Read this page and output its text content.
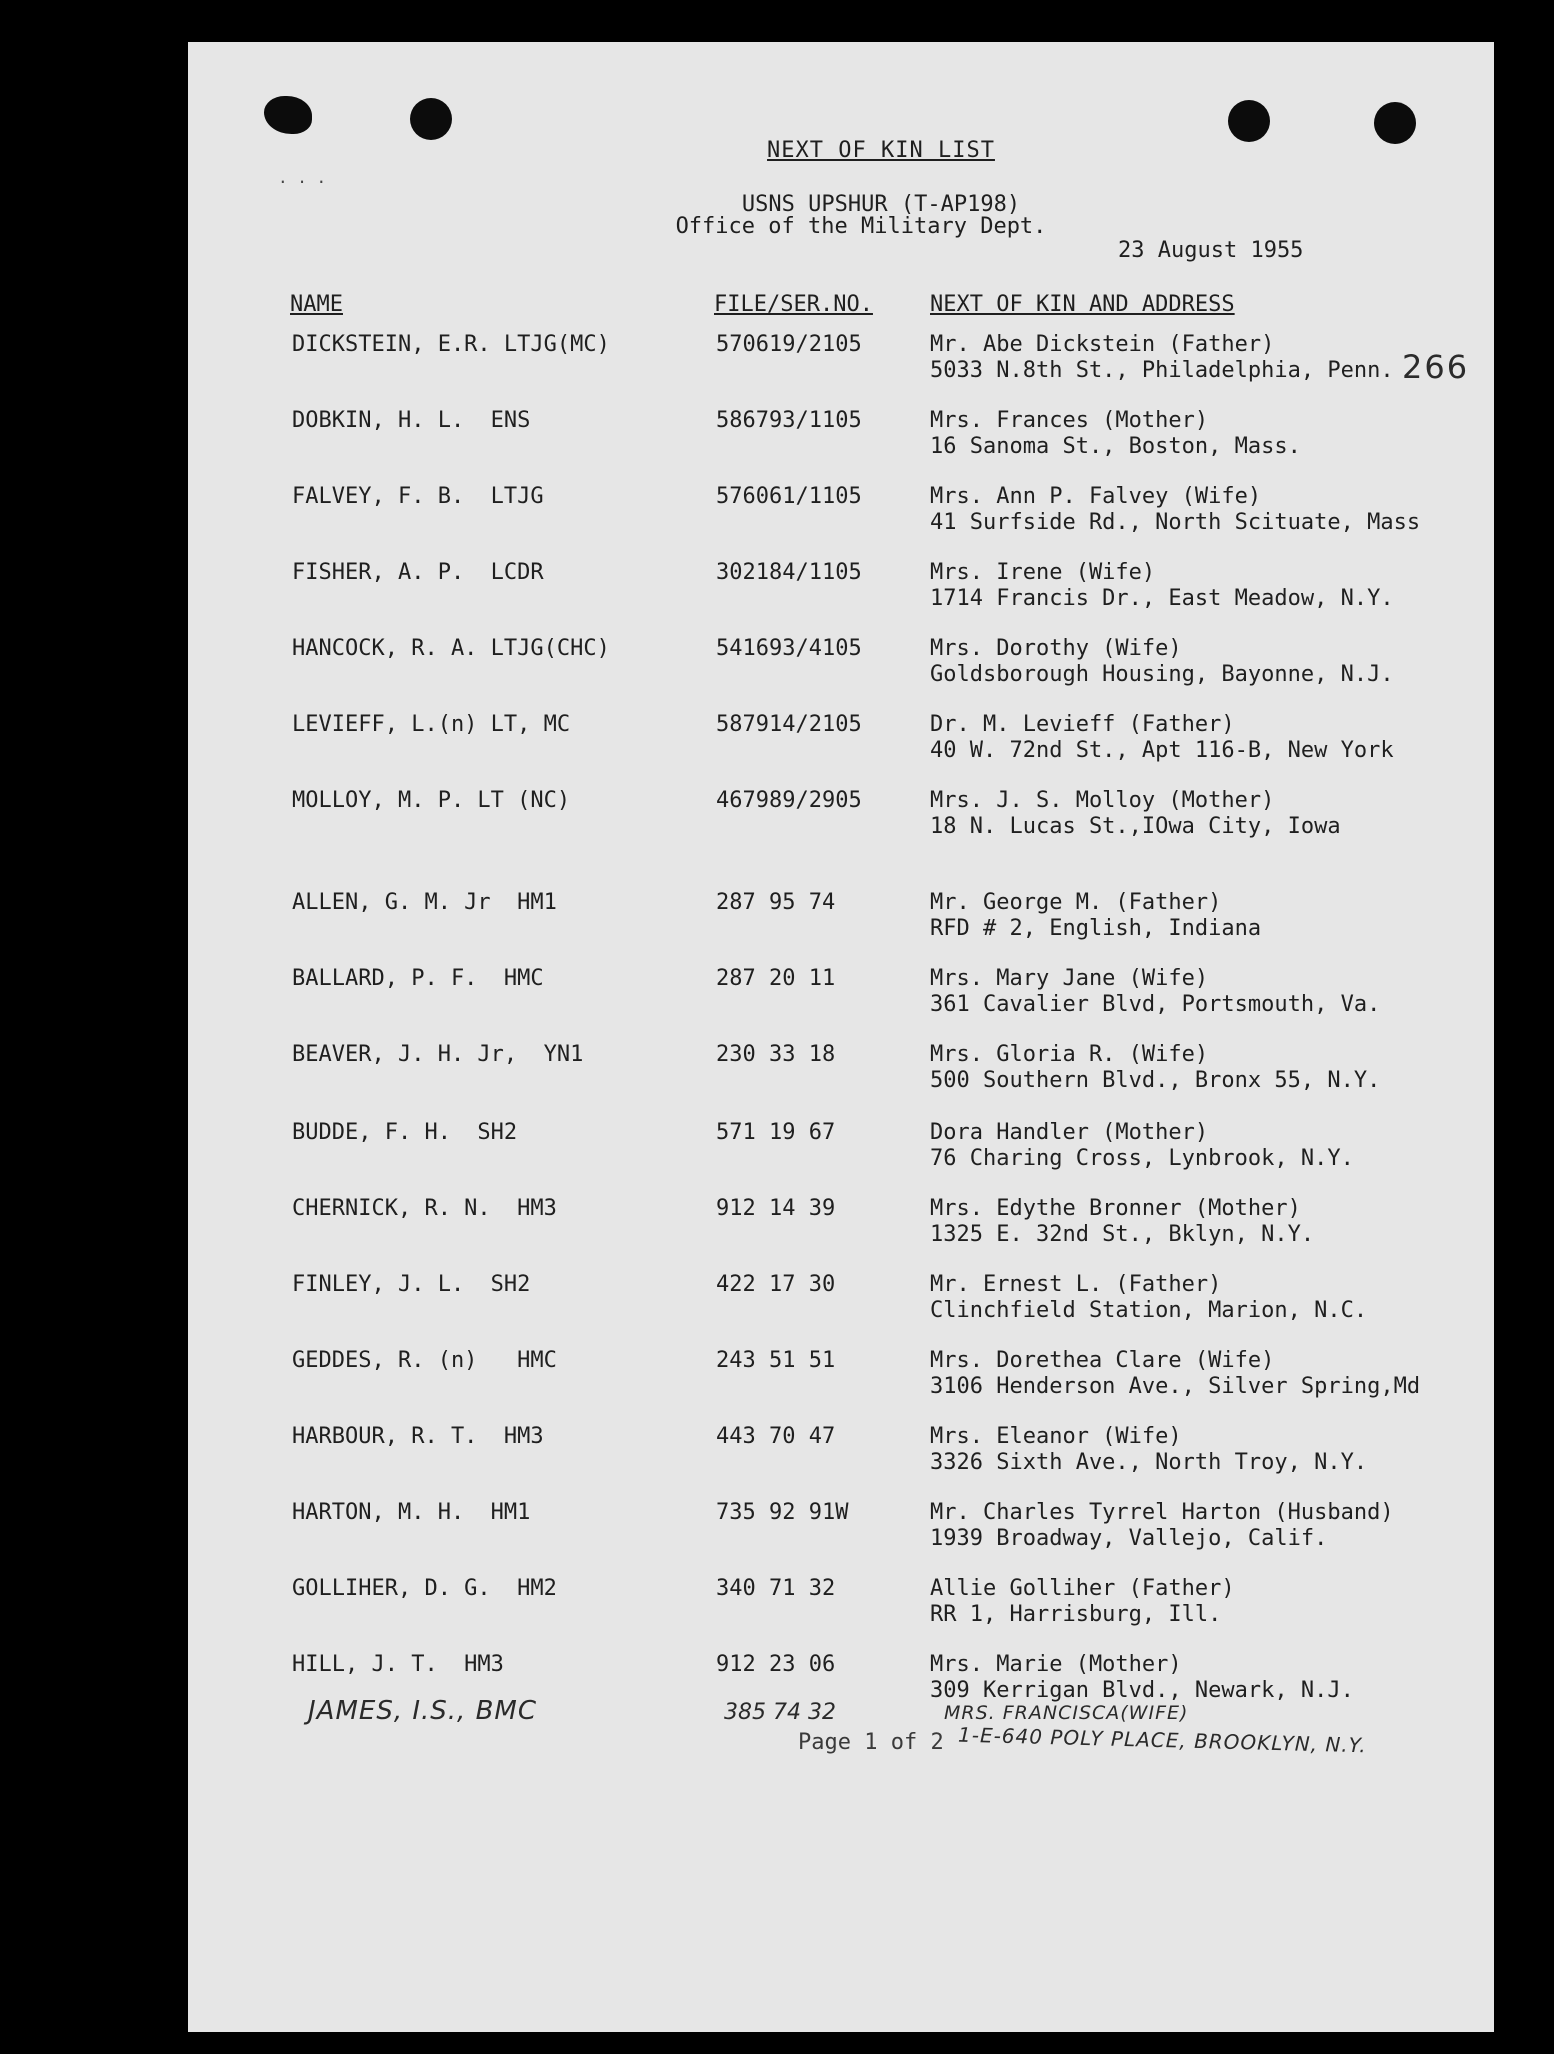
. . .
NEXT OF KIN LIST
USNS UPSHUR (T-AP198)
Office of the Military Dept.
23 August 1955
266
NAME	FILE/SER.NO.	NEXT OF KIN AND ADDRESS
DICKSTEIN, E.R. LTJG(MC)	570619/2105	Mr. Abe Dickstein (Father)
5033 N.8th St., Philadelphia, Penn.
DOBKIN, H. L.  ENS	586793/1105	Mrs. Frances (Mother)
16 Sanoma St., Boston, Mass.
FALVEY, F. B.  LTJG	576061/1105	Mrs. Ann P. Falvey (Wife)
41 Surfside Rd., North Scituate, Mass
FISHER, A. P.  LCDR	302184/1105	Mrs. Irene (Wife)
1714 Francis Dr., East Meadow, N.Y.
HANCOCK, R. A. LTJG(CHC)	541693/4105	Mrs. Dorothy (Wife)
Goldsborough Housing, Bayonne, N.J.
LEVIEFF, L.(n) LT, MC	587914/2105	Dr. M. Levieff (Father)
40 W. 72nd St., Apt 116-B, New York
MOLLOY, M. P. LT (NC)	467989/2905	Mrs. J. S. Molloy (Mother)
18 N. Lucas St.,IOwa City, Iowa
ALLEN, G. M. Jr  HM1	287 95 74	Mr. George M. (Father)
RFD # 2, English, Indiana
BALLARD, P. F.  HMC	287 20 11	Mrs. Mary Jane (Wife)
361 Cavalier Blvd, Portsmouth, Va.
BEAVER, J. H. Jr,  YN1	230 33 18	Mrs. Gloria R. (Wife)
500 Southern Blvd., Bronx 55, N.Y.
BUDDE, F. H.  SH2	571 19 67	Dora Handler (Mother)
76 Charing Cross, Lynbrook, N.Y.
CHERNICK, R. N.  HM3	912 14 39	Mrs. Edythe Bronner (Mother)
1325 E. 32nd St., Bklyn, N.Y.
FINLEY, J. L.  SH2	422 17 30	Mr. Ernest L. (Father)
Clinchfield Station, Marion, N.C.
GEDDES, R. (n)   HMC	243 51 51	Mrs. Dorethea Clare (Wife)
3106 Henderson Ave., Silver Spring,Md
HARBOUR, R. T.  HM3	443 70 47	Mrs. Eleanor (Wife)
3326 Sixth Ave., North Troy, N.Y.
HARTON, M. H.  HM1	735 92 91W	Mr. Charles Tyrrel Harton (Husband)
1939 Broadway, Vallejo, Calif.
GOLLIHER, D. G.  HM2	340 71 32	Allie Golliher (Father)
RR 1, Harrisburg, Ill.
HILL, J. T.  HM3	912 23 06	Mrs. Marie (Mother)
309 Kerrigan Blvd., Newark, N.J.
JAMES, I.S., BMC	385 74 32	MRS. FRANCISCA(WIFE)
1-E-640 POLY PLACE, BROOKLYN, N.Y.
Page 1 of 2
